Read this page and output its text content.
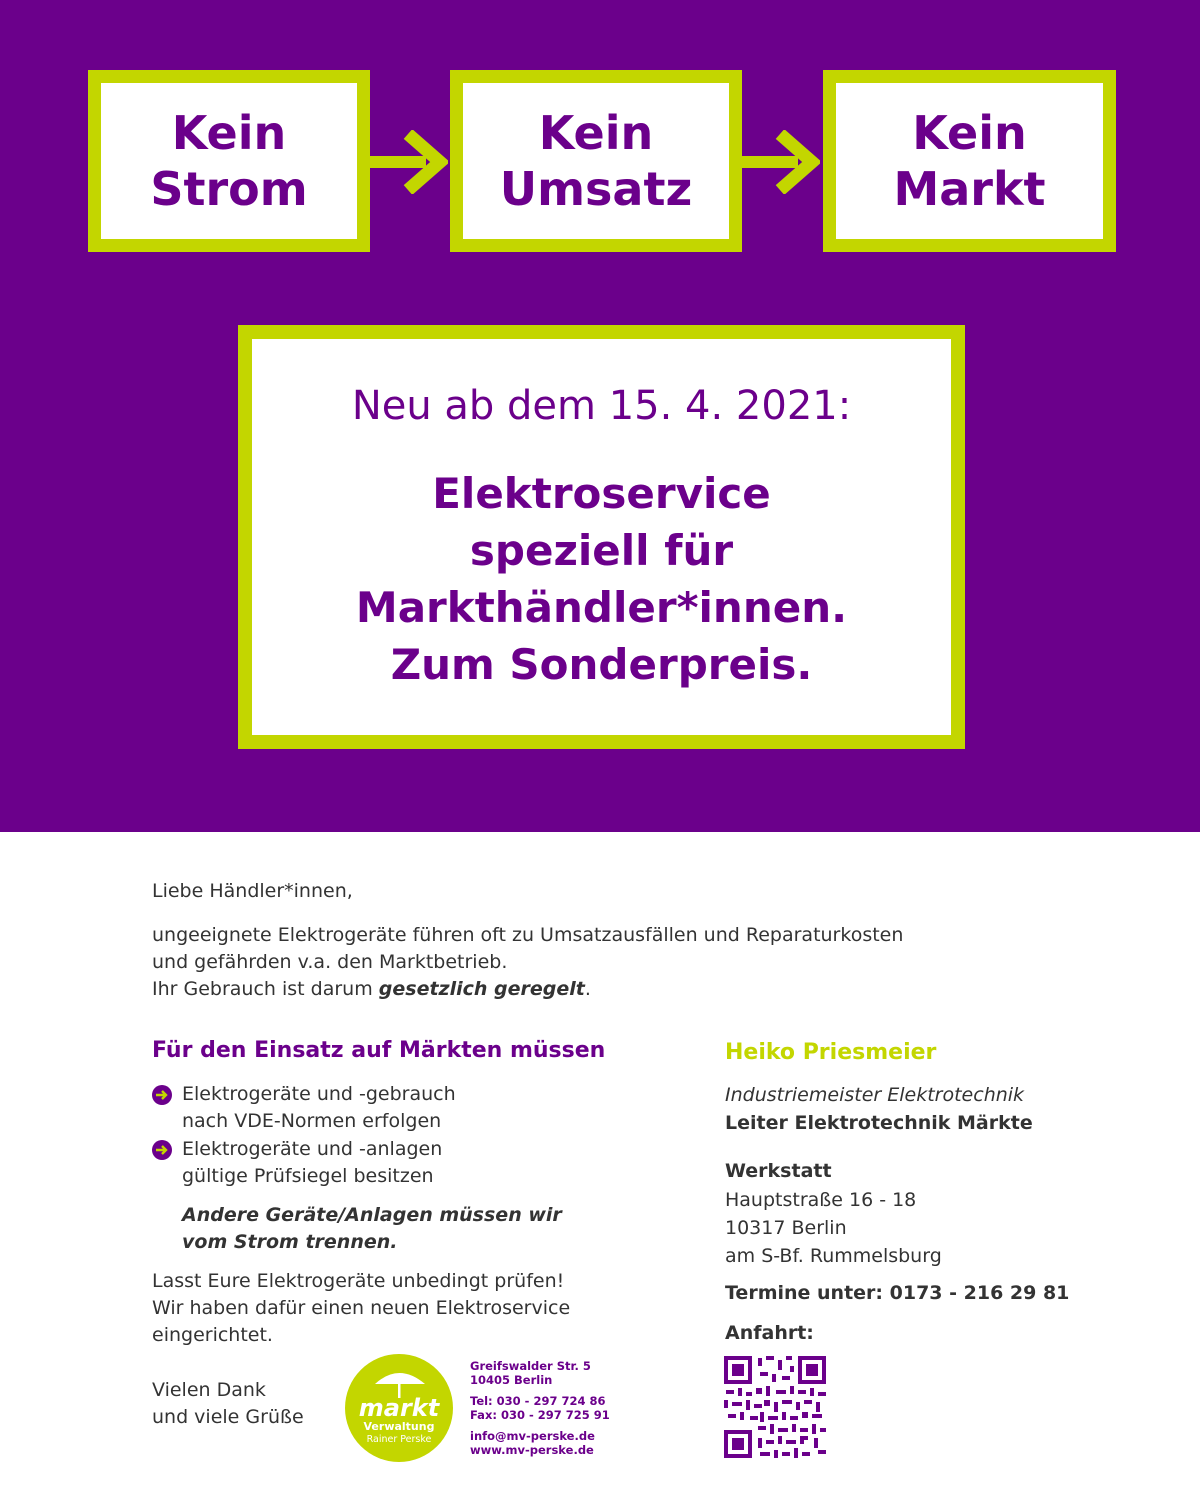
Kein
Strom
Kein
Umsatz
Kein
Markt
Neu ab dem 15. 4. 2021:
Elektroservice
speziell für
Markthändler*innen.
Zum Sonderpreis.
Liebe Händler*innen,
ungeeignete Elektrogeräte führen oft zu Umsatzausfällen und Reparaturkosten
und gefährden v.a. den Marktbetrieb.
Ihr Gebrauch ist darum gesetzlich geregelt.
Für den Einsatz auf Märkten müssen
Elektrogeräte und -gebrauch
nach VDE-Normen erfolgen
Elektrogeräte und -anlagen
gültige Prüfsiegel besitzen
Andere Geräte/Anlagen müssen wir
vom Strom trennen.
Lasst Eure Elektrogeräte unbedingt prüfen!
Wir haben dafür einen neuen Elektroservice
eingerichtet.
Vielen Dank
und viele Grüße markt
Verwaltung
Rainer Perske
Greifswalder Str. 5
10405 Berlin
Tel: 030 - 297 724 86
Fax: 030 - 297 725 91
info@mv-perske.de
www.mv-perske.de
Heiko Priesmeier
Industriemeister Elektrotechnik
Leiter Elektrotechnik Märkte
Werkstatt
Hauptstraße 16 - 18
10317 Berlin
am S-Bf. Rummelsburg
Termine unter: 0173 - 216 29 81
Anfahrt:
